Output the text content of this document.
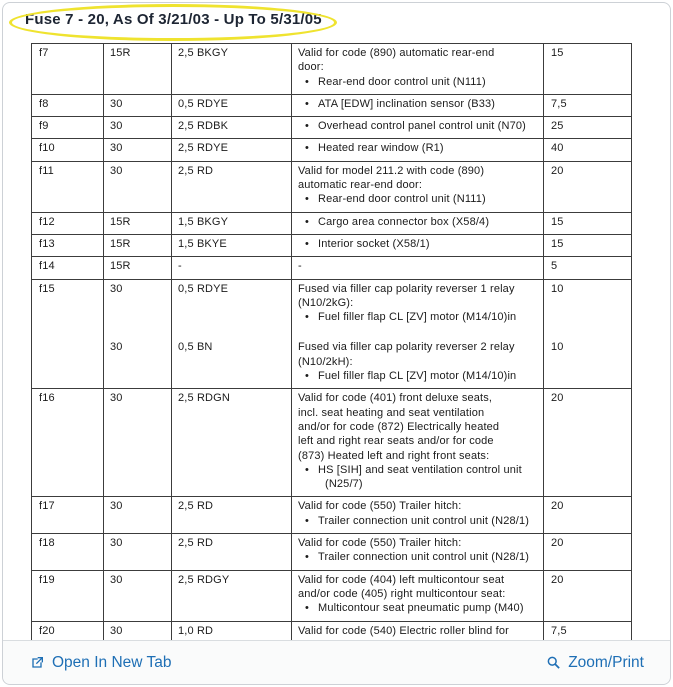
Fuse 7 - 20, As Of 3/21/03 - Up To 5/31/05
f7	15R	2,5 BKGY	Valid for code (890) automatic rear-end
door:
• Rear-end door control unit (N111)	15
f8	30	0,5 RDYE	• ATA [EDW] inclination sensor (B33)	7,5
f9	30	2,5 RDBK	• Overhead control panel control unit (N70)	25
f10	30	2,5 RDYE	• Heated rear window (R1)	40
f11	30	2,5 RD	Valid for model 211.2 with code (890)
automatic rear-end door:
• Rear-end door control unit (N111)	20
f12	15R	1,5 BKGY	• Cargo area connector box (X58/4)	15
f13	15R	1,5 BKYE	• Interior socket (X58/1)	15
f14	15R	-	-	5
f15	30	0,5 RDYE	Fused via filler cap polarity reverser 1 relay
(N10/2kG):
• Fuel filler flap CL [ZV] motor (M14/10)in	10
	30	0,5 BN	Fused via filler cap polarity reverser 2 relay
(N10/2kH):
• Fuel filler flap CL [ZV] motor (M14/10)in	10
f16	30	2,5 RDGN	Valid for code (401) front deluxe seats,
incl. seat heating and seat ventilation
and/or for code (872) Electrically heated
left and right rear seats and/or for code
(873) Heated left and right front seats:
• HS [SIH] and seat ventilation control unit
(N25/7)
	20
f17	30	2,5 RD	Valid for code (550) Trailer hitch:
• Trailer connection unit control unit (N28/1)	20
f18	30	2,5 RD	Valid for code (550) Trailer hitch:
• Trailer connection unit control unit (N28/1)	20
f19	30	2,5 RDGY	Valid for code (404) left multicontour seat
and/or code (405) right multicontour seat:
• Multicontour seat pneumatic pump (M40)	20
f20	30	1,0 RD	Valid for code (540) Electric roller blind for	7,5
Open In New Tab	Zoom/Print
